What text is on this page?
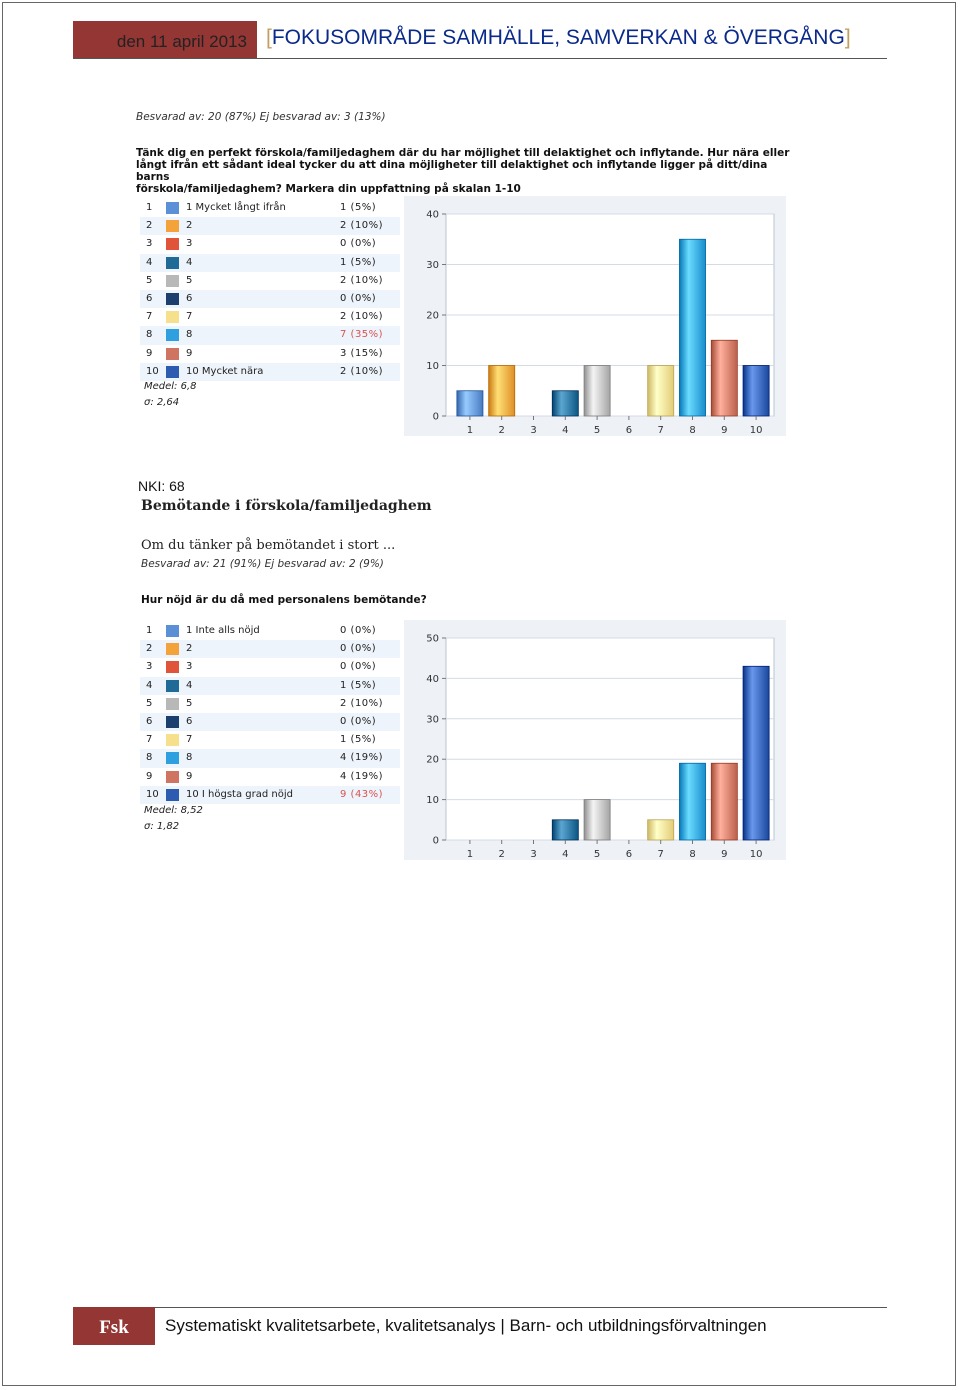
den 11 april 2013 [FOKUSOMRÅDE SAMHÄLLE, SAMVERKAN & ÖVERGÅNG]
Besvarad av: 20 (87%) Ej besvarad av: 3 (13%)
Tänk dig en perfekt förskola/familjedaghem där du har möjlighet till delaktighet och inflytande. Hur nära eller
långt ifrån ett sådant ideal tycker du att dina möjligheter till delaktighet och inflytande ligger på ditt/dina barns
förskola/familjedaghem? Markera din uppfattning på skalan 1-10
1	1 Mycket långt ifrån	1 (5%)
2	2	2 (10%)
3	3	0 (0%)
4	4	1 (5%)
5	5	2 (10%)
6	6	0 (0%)
7	7	2 (10%)
8	8	7 (35%)
9	9	3 (15%)
10	10 Mycket nära	2 (10%)
Medel: 6,8
σ: 2,64
0
10
20
30
40
1	2	3	4	5	6	7	8	9 10
NKI: 68
Bemötande i förskola/familjedaghem
Om du tänker på bemötandet i stort ...
Besvarad av: 21 (91%) Ej besvarad av: 2 (9%)
Hur nöjd är du då med personalens bemötande?
1	1 Inte alls nöjd	0 (0%)
2	2	0 (0%)
3	3	0 (0%)
4	4	1 (5%)
5	5	2 (10%)
6	6	0 (0%)
7	7	1 (5%)
8	8	4 (19%)
9	9	4 (19%)
10	10 I högsta grad nöjd	9 (43%)
Medel: 8,52
σ: 1,82
0
10
20
30
40
50
1	2	3	4	5	6	7	8	9 10
Fsk	Systematiskt kvalitetsarbete, kvalitetsanalys | Barn- och utbildningsförvaltningen
